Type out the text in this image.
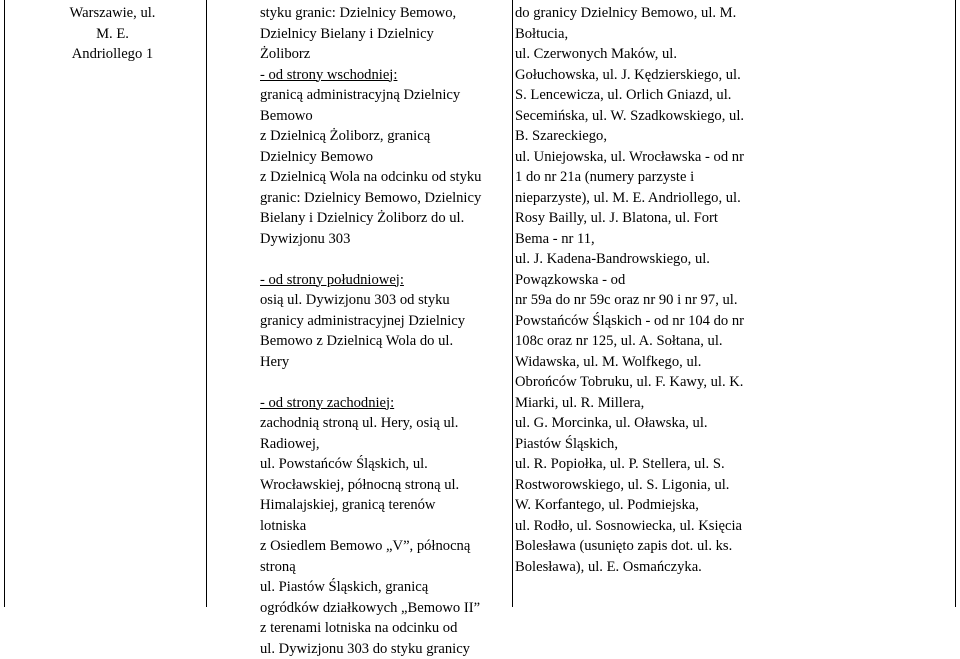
Warszawie, ul.
M. E.
Andriollego 1
styku granic: Dzielnicy Bemowo,
Dzielnicy Bielany i Dzielnicy
Żoliborz
- od strony wschodniej:
granicą administracyjną Dzielnicy
Bemowo
z Dzielnicą Żoliborz, granicą
Dzielnicy Bemowo
z Dzielnicą Wola na odcinku od styku
granic: Dzielnicy Bemowo, Dzielnicy
Bielany i Dzielnicy Żoliborz do ul.
Dywizjonu 303
- od strony południowej:
osią ul. Dywizjonu 303 od styku
granicy administracyjnej Dzielnicy
Bemowo z Dzielnicą Wola do ul.
Hery
- od strony zachodniej:
zachodnią stroną ul. Hery, osią ul.
Radiowej,
ul. Powstańców Śląskich, ul.
Wrocławskiej, północną stroną ul.
Himalajskiej, granicą terenów
lotniska
z Osiedlem Bemowo „V”, północną
stroną
ul. Piastów Śląskich, granicą
ogródków działkowych „Bemowo II”
z terenami lotniska na odcinku od
ul. Dywizjonu 303 do styku granicy
do granicy Dzielnicy Bemowo, ul. M.
Bołtucia,
ul. Czerwonych Maków, ul.
Gołuchowska, ul. J. Kędzierskiego, ul.
S. Lencewicza, ul. Orlich Gniazd, ul.
Secemińska, ul. W. Szadkowskiego, ul.
B. Szareckiego,
ul. Uniejowska, ul. Wrocławska - od nr
1 do nr 21a (numery parzyste i
nieparzyste), ul. M. E. Andriollego, ul.
Rosy Bailly, ul. J. Blatona, ul. Fort
Bema - nr 11,
ul. J. Kadena-Bandrowskiego, ul.
Powązkowska - od
nr 59a do nr 59c oraz nr 90 i nr 97, ul.
Powstańców Śląskich - od nr 104 do nr
108c oraz nr 125, ul. A. Sołtana, ul.
Widawska, ul. M. Wolfkego, ul.
Obrońców Tobruku, ul. F. Kawy, ul. K.
Miarki, ul. R. Millera,
ul. G. Morcinka, ul. Oławska, ul.
Piastów Śląskich,
ul. R. Popiołka, ul. P. Stellera, ul. S.
Rostworowskiego, ul. S. Ligonia, ul.
W. Korfantego, ul. Podmiejska,
ul. Rodło, ul. Sosnowiecka, ul. Księcia
Bolesława (usunięto zapis dot. ul. ks.
Bolesława), ul. E. Osmańczyka.
